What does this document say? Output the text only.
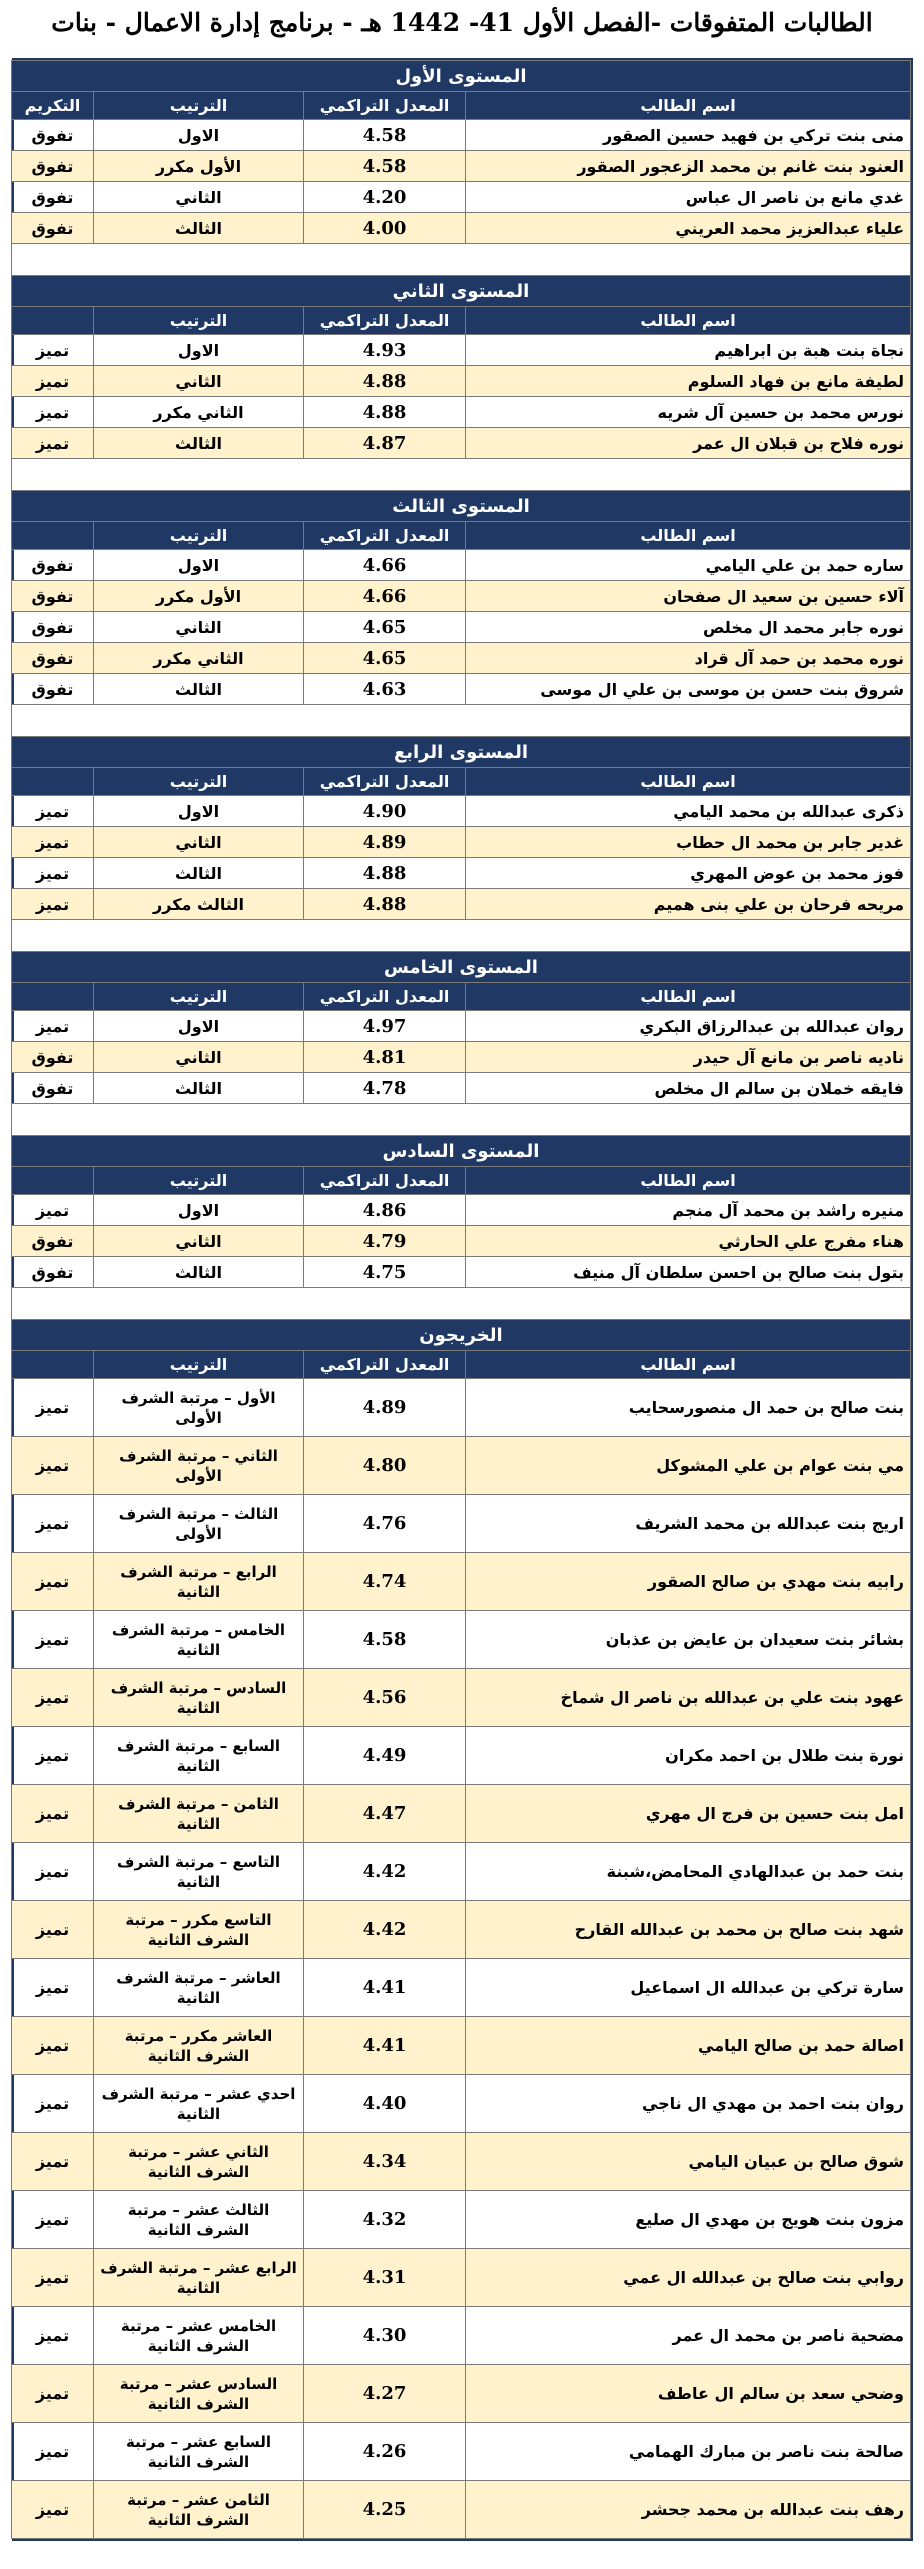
الطالبات المتفوقات -الفصل الأول 41- 1442 هـ - برنامج إدارة الاعمال - بنات
المستوى الأول			
اسم الطالب	المعدل التراكمي	الترتيب	التكريم
منى بنت تركي بن فهيد حسين الصقور	4.58	الاول	تفوق
العنود بنت غانم بن محمد الزعجور الصقور	4.58	الأول مكرر	تفوق
غدي مانع بن ناصر ال عباس	4.20	الثاني	تفوق
علياء عبدالعزيز محمد العريني	4.00	الثالث	تفوق

المستوى الثاني			
اسم الطالب	المعدل التراكمي	الترتيب	
نجاة بنت هبة بن ابراهيم	4.93	الاول	تميز
لطيفة مانع بن فهاد السلوم	4.88	الثاني	تميز
نورس محمد بن حسين آل شريه	4.88	الثاني مكرر	تميز
نوره فلاح بن قبلان ال عمر	4.87	الثالث	تميز

المستوى الثالث			
اسم الطالب	المعدل التراكمي	الترتيب	
ساره حمد بن علي اليامي	4.66	الاول	تفوق
آلاء حسين بن سعيد ال صفحان	4.66	الأول مكرر	تفوق
نوره جابر محمد ال مخلص	4.65	الثاني	تفوق
نوره محمد بن حمد آل قراد	4.65	الثاني مكرر	تفوق
شروق بنت حسن بن موسى بن علي ال موسى	4.63	الثالث	تفوق

المستوى الرابع			
اسم الطالب	المعدل التراكمي	الترتيب	
ذكرى عبدالله بن محمد اليامي	4.90	الاول	تميز
غدير جابر بن محمد ال حطاب	4.89	الثاني	تميز
فوز محمد بن عوض المهري	4.88	الثالث	تميز
مريحه فرحان بن علي بنى هميم	4.88	الثالث مكرر	تميز

المستوى الخامس			
اسم الطالب	المعدل التراكمي	الترتيب	
روان عبدالله بن عبدالرزاق البكري	4.97	الاول	تميز
ناديه ناصر بن مانع آل حيدر	4.81	الثاني	تفوق
فايقه خملان بن سالم ال مخلص	4.78	الثالث	تفوق

المستوى السادس			
اسم الطالب	المعدل التراكمي	الترتيب	
منيره راشد بن محمد آل منجم	4.86	الاول	تميز
هناء مفرج علي الحارثي	4.79	الثاني	تفوق
بتول بنت صالح بن احسن سلطان آل منيف	4.75	الثالث	تفوق

الخريجون			
اسم الطالب	المعدل التراكمي	الترتيب	
بنت صالح بن حمد ال منصورسحايب	4.89	الأول – مرتبة الشرف الأولى	تميز
مي بنت عوام بن علي المشوكل	4.80	الثاني – مرتبة الشرف الأولى	تميز
اريج بنت عبدالله بن محمد الشريف	4.76	الثالث – مرتبة الشرف الأولى	تميز
رابيه بنت مهدي بن صالح الصقور	4.74	الرابع – مرتبة الشرف الثانية	تميز
بشائر بنت سعيدان بن عايض بن عذبان	4.58	الخامس – مرتبة الشرف الثانية	تميز
عهود بنت علي بن عبدالله بن ناصر ال شماخ	4.56	السادس – مرتبة الشرف الثانية	تميز
نورة بنت طلال بن احمد مكران	4.49	السابع – مرتبة الشرف الثانية	تميز
امل بنت حسين بن فرج ال مهري	4.47	الثامن – مرتبة الشرف الثانية	تميز
بنت حمد بن عبدالهادي المحامض،شبنة	4.42	التاسع – مرتبة الشرف الثانية	تميز
شهد بنت صالح بن محمد بن عبدالله القارح	4.42	التاسع مكرر – مرتبة الشرف الثانية	تميز
سارة تركي بن عبدالله ال اسماعيل	4.41	العاشر – مرتبة الشرف الثانية	تميز
اصالة حمد بن صالح اليامي	4.41	العاشر مكرر – مرتبة الشرف الثانية	تميز
روان بنت احمد بن مهدي ال ناجي	4.40	احدي عشر – مرتبة الشرف الثانية	تميز
شوق صالح بن عبيان اليامي	4.34	الثاني عشر – مرتبة الشرف الثانية	تميز
مزون بنت هويج بن مهدي ال صليع	4.32	الثالث عشر – مرتبة الشرف الثانية	تميز
روابي بنت صالح بن عبدالله ال عمي	4.31	الرابع عشر – مرتبة الشرف الثانية	تميز
مضحية ناصر بن محمد ال عمر	4.30	الخامس عشر – مرتبة الشرف الثانية	تميز
وضحي سعد بن سالم ال عاطف	4.27	السادس عشر – مرتبة الشرف الثانية	تميز
صالحة بنت ناصر بن مبارك الهمامي	4.26	السابع عشر – مرتبة الشرف الثانية	تميز
رهف بنت عبدالله بن محمد جحشر	4.25	الثامن عشر – مرتبة الشرف الثانية	تميز
